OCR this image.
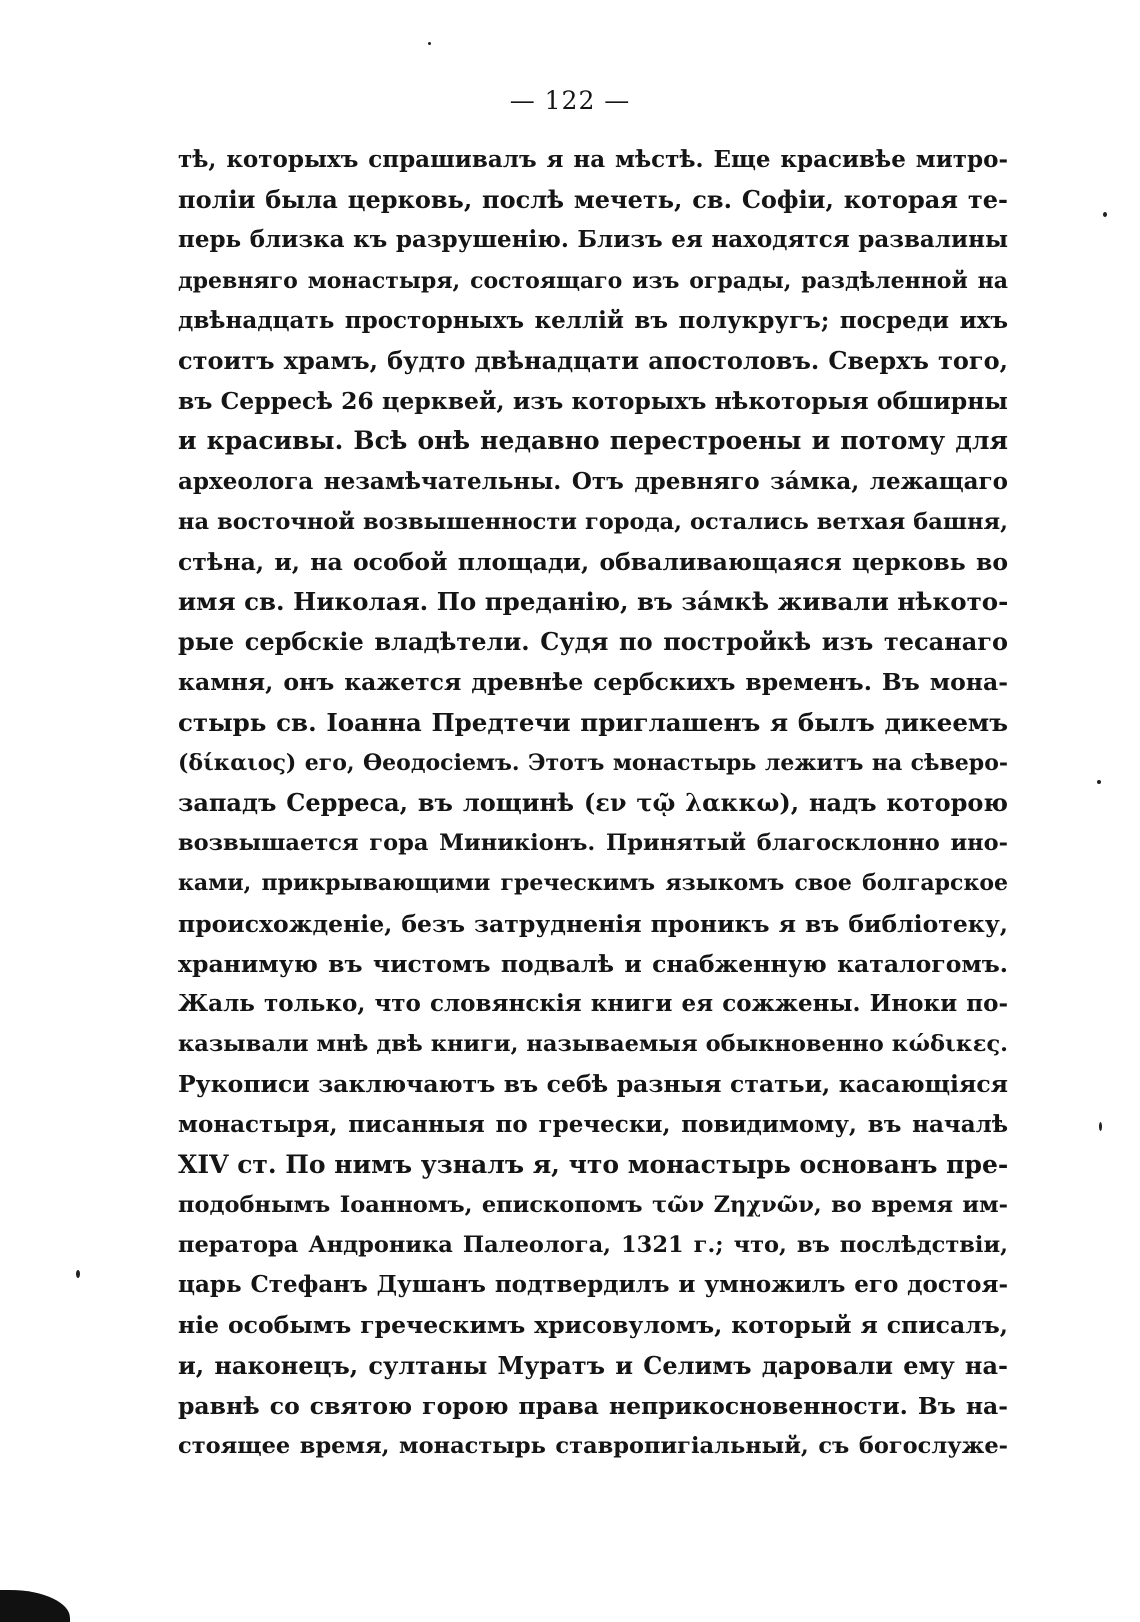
— 122 —
тѣ, которыхъ спрашивалъ я на мѣстѣ. Еще красивѣе митро-
поліи была церковь, послѣ мечеть, св. Софіи, которая те-
перь близка къ разрушенію. Близъ ея находятся развалины
древняго монастыря, состоящаго изъ ограды, раздѣленной на
двѣнадцать просторныхъ келлій въ полукругъ; посреди ихъ
стоитъ храмъ, будто двѣнадцати апостоловъ. Сверхъ того,
въ Серресѣ 26 церквей, изъ которыхъ нѣкоторыя обширны
и красивы. Всѣ онѣ недавно перестроены и потому для
археолога незамѣчательны. Отъ древняго за́мка, лежащаго
на восточной возвышенности города, остались ветхая башня,
стѣна, и, на особой площади, обваливающаяся церковь во
имя св. Николая. По преданію, въ за́мкѣ живали нѣкото-
рые сербскіе владѣтели. Судя по постройкѣ изъ тесанаго
камня, онъ кажется древнѣе сербскихъ временъ. Въ мона-
стырь св. Іоанна Предтечи приглашенъ я былъ дикеемъ
(δίκαιος) его, Ѳеодосіемъ. Этотъ монастырь лежитъ на сѣверо-
западъ Серреса, въ лощинѣ (εν τῷ λακκω), надъ которою
возвышается гора Миникіонъ. Принятый благосклонно ино-
ками, прикрывающими греческимъ языкомъ свое болгарское
происхожденіе, безъ затрудненія проникъ я въ библіотеку,
хранимую въ чистомъ подвалѣ и снабженную каталогомъ.
Жаль только, что словянскія книги ея сожжены. Иноки по-
казывали мнѣ двѣ книги, называемыя обыкновенно κώδικες.
Рукописи заключаютъ въ себѣ разныя статьи, касающіяся
монастыря, писанныя по гречески, повидимому, въ началѣ
XIV ст. По нимъ узналъ я, что монастырь основанъ пре-
подобнымъ Іоанномъ, епископомъ τῶν Ζηχνῶν, во время им-
ператора Андроника Палеолога, 1321 г.; что, въ послѣдствіи,
царь Стефанъ Душанъ подтвердилъ и умножилъ его достоя-
ніе особымъ греческимъ хрисовуломъ, который я списалъ,
и, наконецъ, султаны Муратъ и Селимъ даровали ему на-
равнѣ со святою горою права неприкосновенности. Въ на-
стоящее время, монастырь ставропигіальный, съ богослуже-
